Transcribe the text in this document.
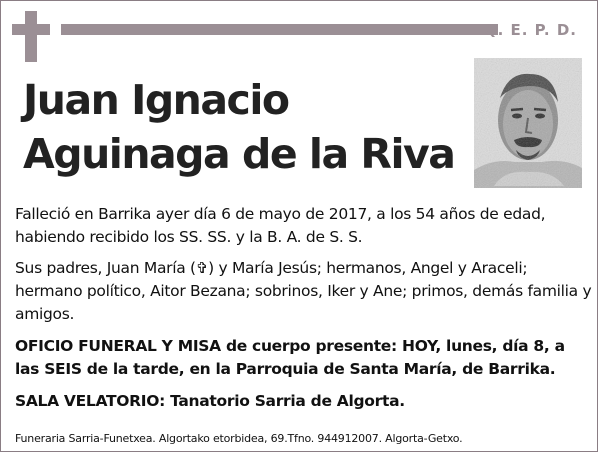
Q. E. P. D.
Juan Ignacio
Aguinaga de la Riva

Falleció en Barrika ayer día 6 de mayo de 2017, a los 54 años de edad, habiendo recibido los SS. SS. y la B. A. de S. S.

Sus padres, Juan María (✞) y María Jesús; hermanos, Angel y Araceli; hermano político, Aitor Bezana; sobrinos, Iker y Ane; primos, demás familia y amigos.

OFICIO FUNERAL Y MISA de cuerpo presente: HOY, lunes, día 8, a las SEIS de la tarde, en la Parroquia de Santa María, de Barrika.

SALA VELATORIO: Tanatorio Sarria de Algorta.

Funeraria Sarria-Funetxea. Algortako etorbidea, 69.Tfno. 944912007. Algorta-Getxo.
